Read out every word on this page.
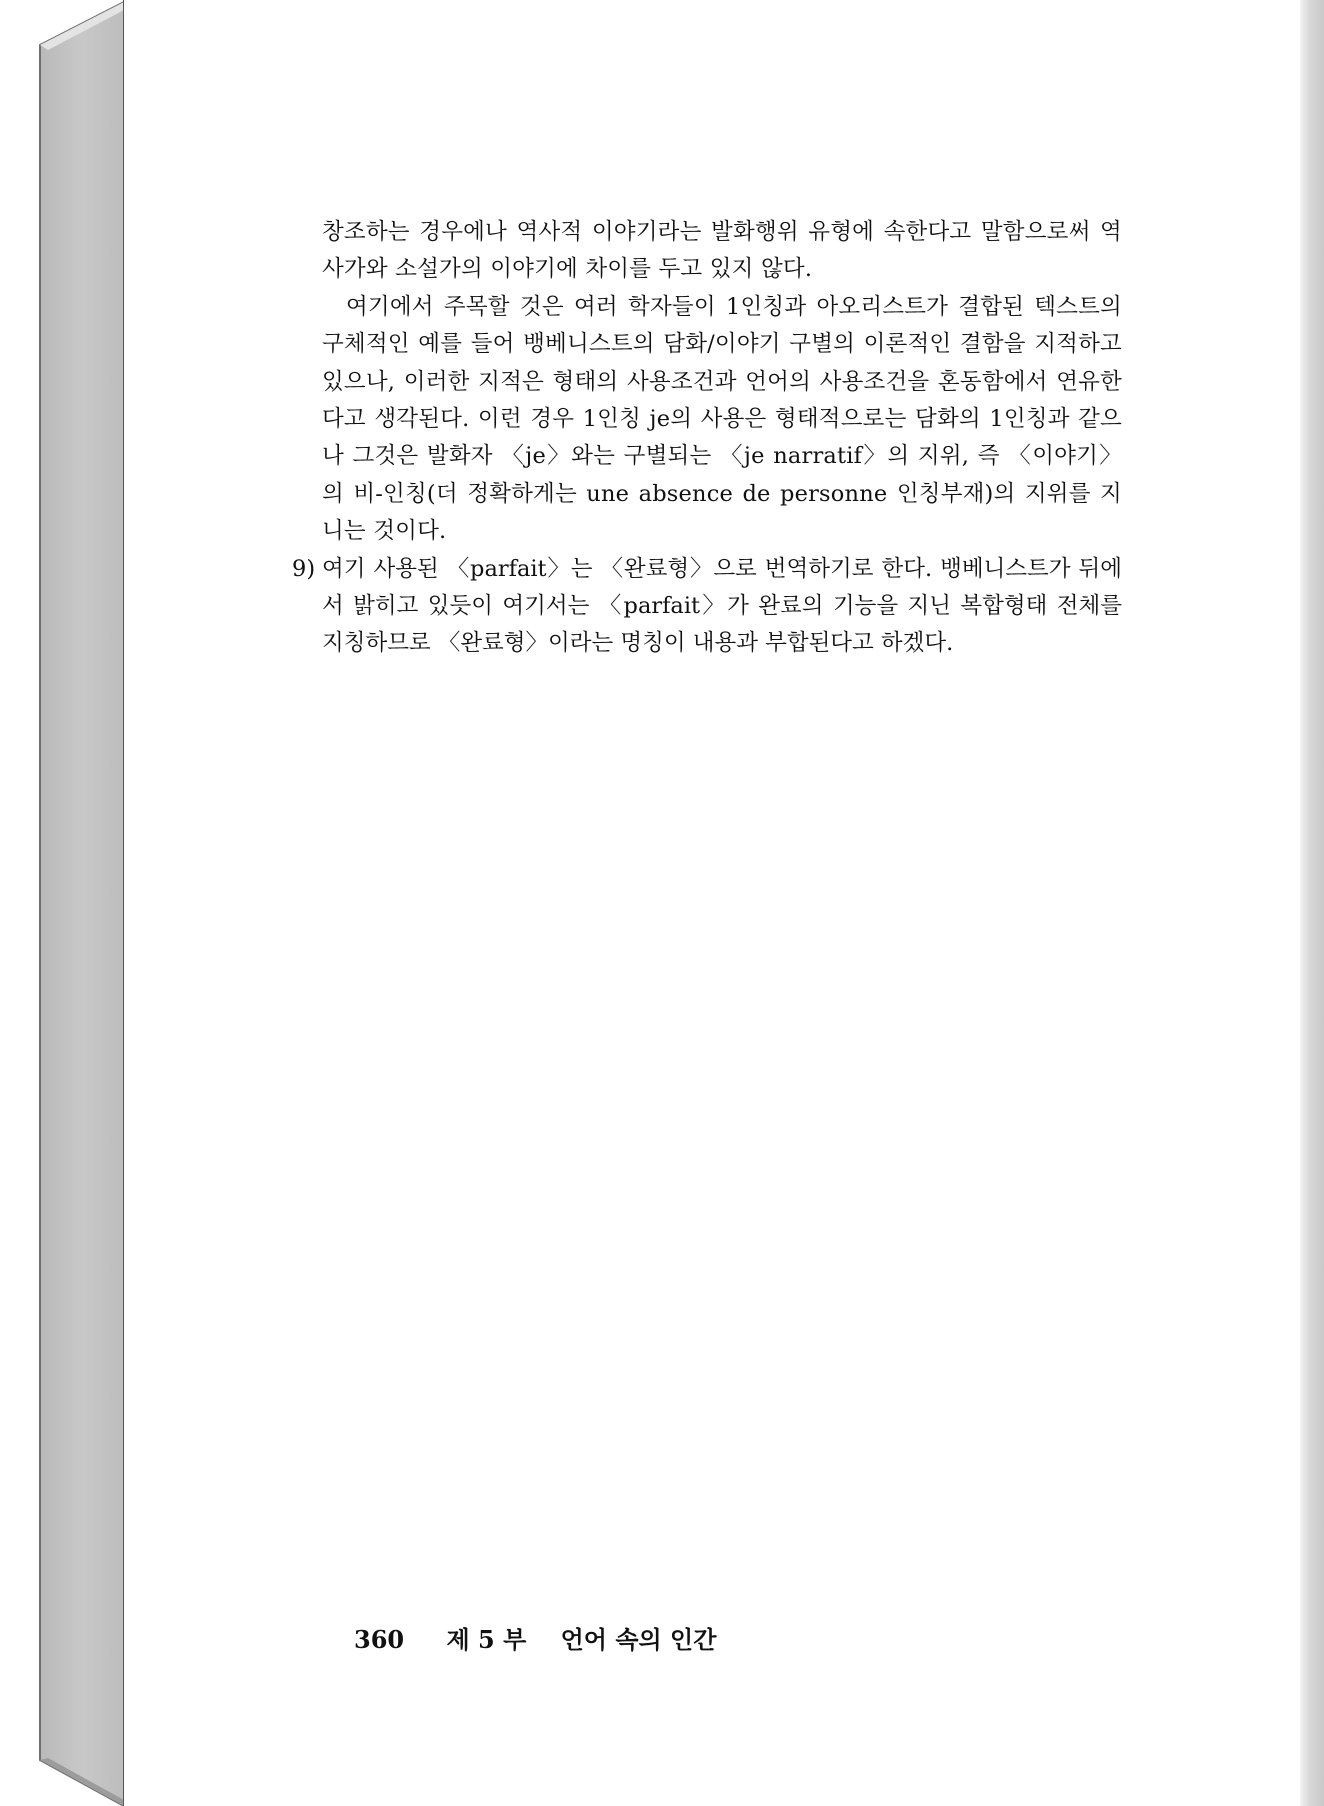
창조하는 경우에나 역사적 이야기라는 발화행위 유형에 속한다고 말함으로써 역사가와 소설가의 이야기에 차이를 두고 있지 않다.

여기에서 주목할 것은 여러 학자들이 1인칭과 아오리스트가 결합된 텍스트의 구체적인 예를 들어 뱅베니스트의 담화/이야기 구별의 이론적인 결함을 지적하고 있으나, 이러한 지적은 형태의 사용조건과 언어의 사용조건을 혼동함에서 연유한다고 생각된다. 이런 경우 1인칭 je의 사용은 형태적으로는 담화의 1인칭과 같으나 그것은 발화자 〈je〉와는 구별되는 〈je narratif〉의 지위, 즉 〈이야기〉의 비-인칭(더 정확하게는 une absence de personne 인칭부재)의 지위를 지니는 것이다.

9) 여기 사용된 〈parfait〉는 〈완료형〉으로 번역하기로 한다. 뱅베니스트가 뒤에서 밝히고 있듯이 여기서는 〈parfait〉가 완료의 기능을 지닌 복합형태 전체를 지칭하므로 〈완료형〉이라는 명칭이 내용과 부합된다고 하겠다.

360 제 5 부 언어 속의 인간
